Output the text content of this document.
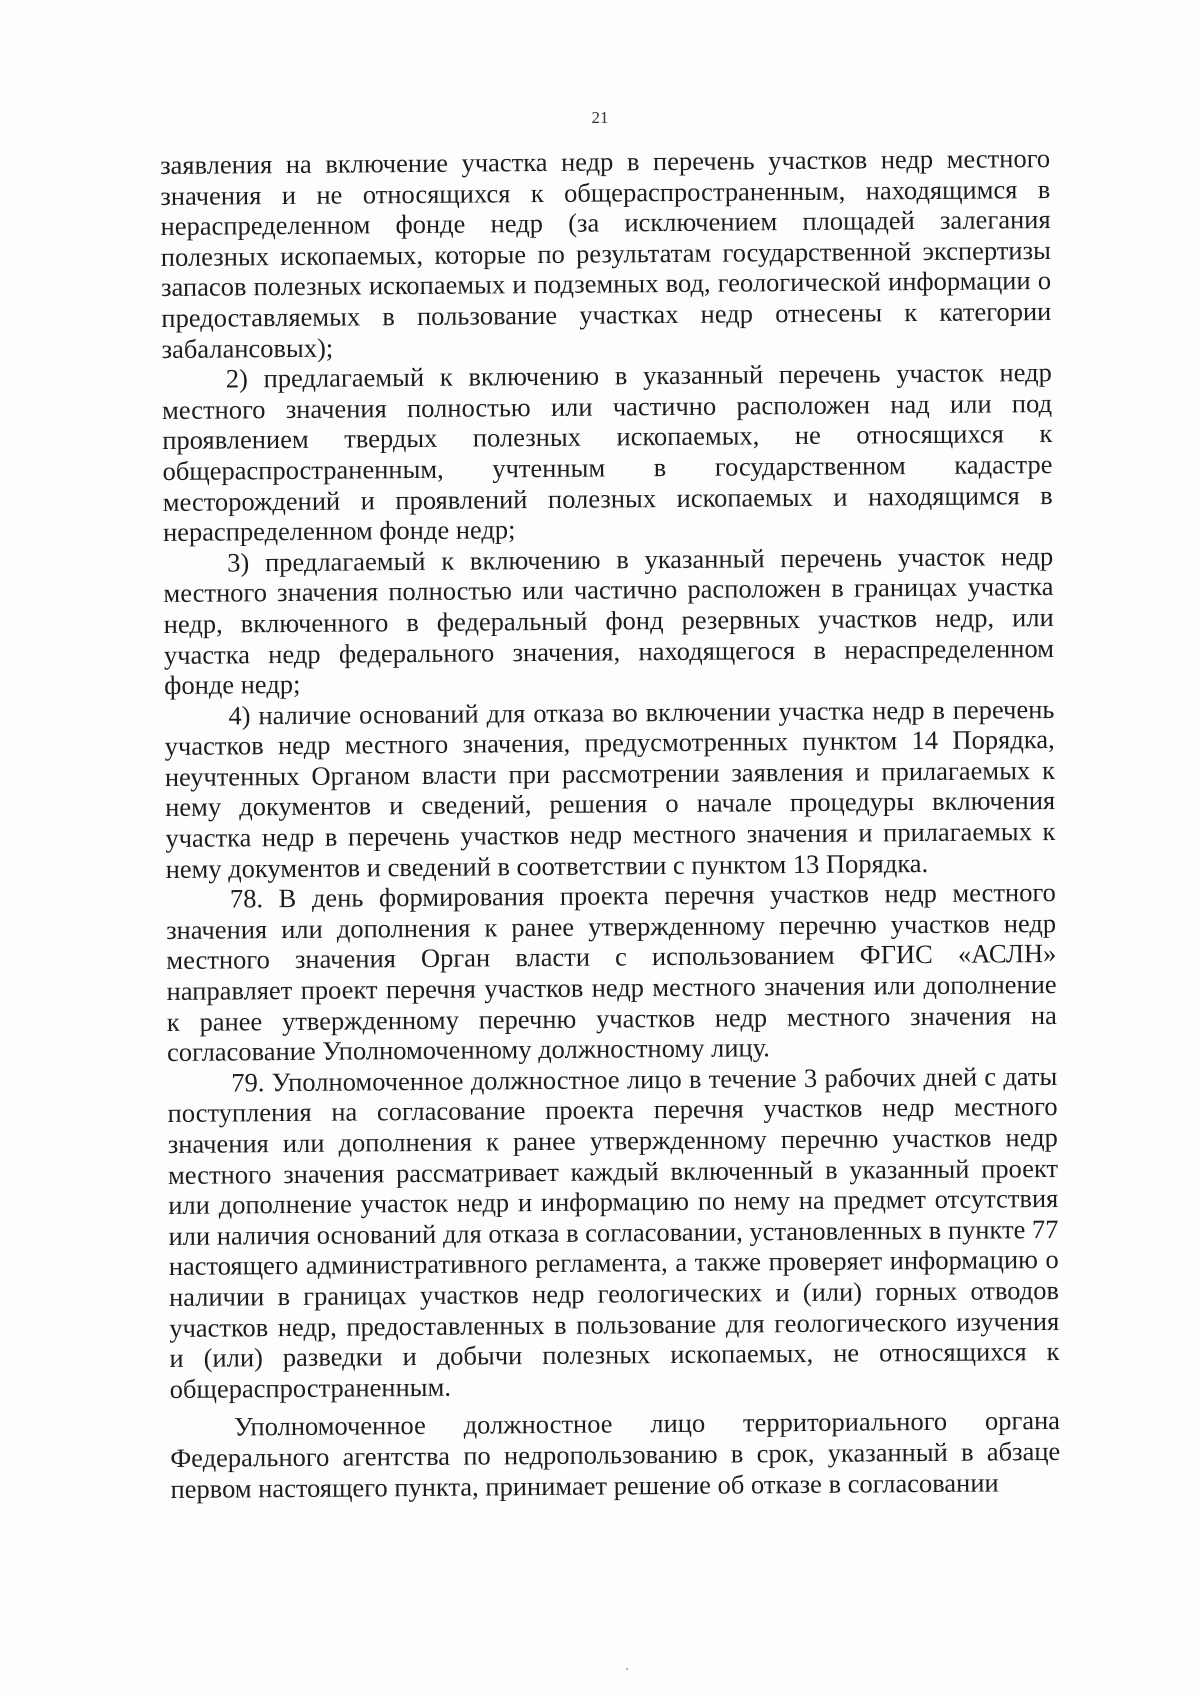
21

заявления на включение участка недр в перечень участков недр местного значения и не относящихся к общераспространенным, находящимся в нераспределенном фонде недр (за исключением площадей залегания полезных ископаемых, которые по результатам государственной экспертизы запасов полезных ископаемых и подземных вод, геологической информации о предоставляемых в пользование участках недр отнесены к категории забалансовых);

2) предлагаемый к включению в указанный перечень участок недр местного значения полностью или частично расположен над или под проявлением твердых полезных ископаемых, не относящихся к общераспространенным, учтенным в государственном кадастре месторождений и проявлений полезных ископаемых и находящимся в нераспределенном фонде недр;

3) предлагаемый к включению в указанный перечень участок недр местного значения полностью или частично расположен в границах участка недр, включенного в федеральный фонд резервных участков недр, или участка недр федерального значения, находящегося в нераспределенном фонде недр;

4) наличие оснований для отказа во включении участка недр в перечень участков недр местного значения, предусмотренных пунктом 14 Порядка, неучтенных Органом власти при рассмотрении заявления и прилагаемых к нему документов и сведений, решения о начале процедуры включения участка недр в перечень участков недр местного значения и прилагаемых к нему документов и сведений в соответствии с пунктом 13 Порядка.

78. В день формирования проекта перечня участков недр местного значения или дополнения к ранее утвержденному перечню участков недр местного значения Орган власти с использованием ФГИС «АСЛН» направляет проект перечня участков недр местного значения или дополнение к ранее утвержденному перечню участков недр местного значения на согласование Уполномоченному должностному лицу.

79. Уполномоченное должностное лицо в течение 3 рабочих дней с даты поступления на согласование проекта перечня участков недр местного значения или дополнения к ранее утвержденному перечню участков недр местного значения рассматривает каждый включенный в указанный проект или дополнение участок недр и информацию по нему на предмет отсутствия или наличия оснований для отказа в согласовании, установленных в пункте 77 настоящего административного регламента, а также проверяет информацию о наличии в границах участков недр геологических и (или) горных отводов участков недр, предоставленных в пользование для геологического изучения и (или) разведки и добычи полезных ископаемых, не относящихся к общераспространенным.

Уполномоченное должностное лицо территориального органа Федерального агентства по недропользованию в срок, указанный в абзаце первом настоящего пункта, принимает решение об отказе в согласовании
